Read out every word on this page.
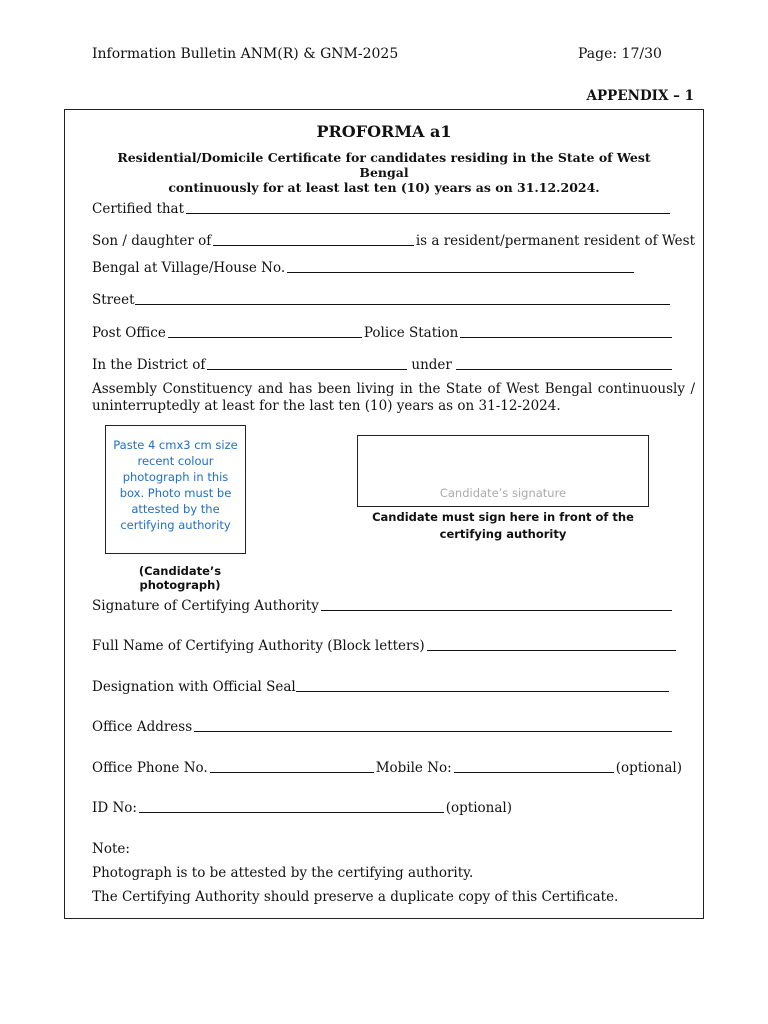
Information Bulletin ANM(R) & GNM-2025	Page: 17/30
APPENDIX – 1
PROFORMA a1
Residential/Domicile Certificate for candidates residing in the State of West Bengal
continuously for at least last ten (10) years as on 31.12.2024.
Certified that
Son / daughter of	is a resident/permanent resident of West
Bengal at Village/House No.
Street
Post Office	Police Station
In the District of	under
Assembly Constituency and has been living in the State of West Bengal continuously / uninterruptedly at least for the last ten (10) years as on 31-12-2024.
Paste 4 cmx3 cm size recent colour photograph in this box. Photo must be attested by the certifying authority
(Candidate’s photograph)
Candidate’s signature
Candidate must sign here in front of the certifying authority
Signature of Certifying Authority
Full Name of Certifying Authority (Block letters)
Designation with Official Seal
Office Address
Office Phone No.	Mobile No:	(optional)
ID No:	(optional)
Note:
Photograph is to be attested by the certifying authority.
The Certifying Authority should preserve a duplicate copy of this Certificate.
